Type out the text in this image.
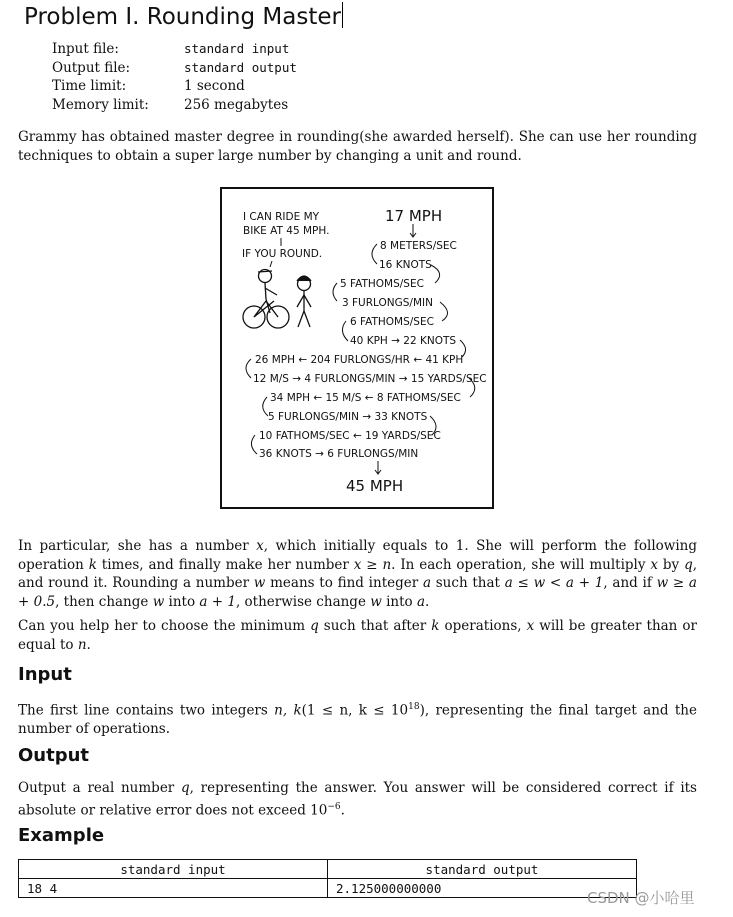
Problem I. Rounding Master
Input file:	standard input
Output file:	standard output
Time limit:	1 second
Memory limit:	256 megabytes

Grammy has obtained master degree in rounding(she awarded herself). She can use her rounding techniques to obtain a super large number by changing a unit and round.

I CAN RIDE MY
BIKE AT 45 MPH.
IF YOU ROUND.
17 MPH
8 METERS/SEC
16 KNOTS
5 FATHOMS/SEC
3 FURLONGS/MIN
6 FATHOMS/SEC
40 KPH → 22 KNOTS
26 MPH ← 204 FURLONGS/HR ← 41 KPH
12 M/S → 4 FURLONGS/MIN → 15 YARDS/SEC
34 MPH ← 15 M/S ← 8 FATHOMS/SEC
5 FURLONGS/MIN → 33 KNOTS
10 FATHOMS/SEC ← 19 YARDS/SEC
36 KNOTS → 6 FURLONGS/MIN
45 MPH

In particular, she has a number x, which initially equals to 1. She will perform the following operation k times, and finally make her number x ≥ n. In each operation, she will multiply x by q, and round it. Rounding a number w means to find integer a such that a ≤ w < a + 1, and if w ≥ a + 0.5, then change w into a + 1, otherwise change w into a.

Can you help her to choose the minimum q such that after k operations, x will be greater than or equal to n.

Input

The first line contains two integers n, k(1 ≤ n, $k \le 10^{18}$), representing the final target and the number of operations.

Output

Output a real number q, representing the answer. You answer will be considered correct if its absolute or relative error does not exceed $10^{-6}$.

Example
standard input	standard output
18 4	2.125000000000
CSDN @小哈里
